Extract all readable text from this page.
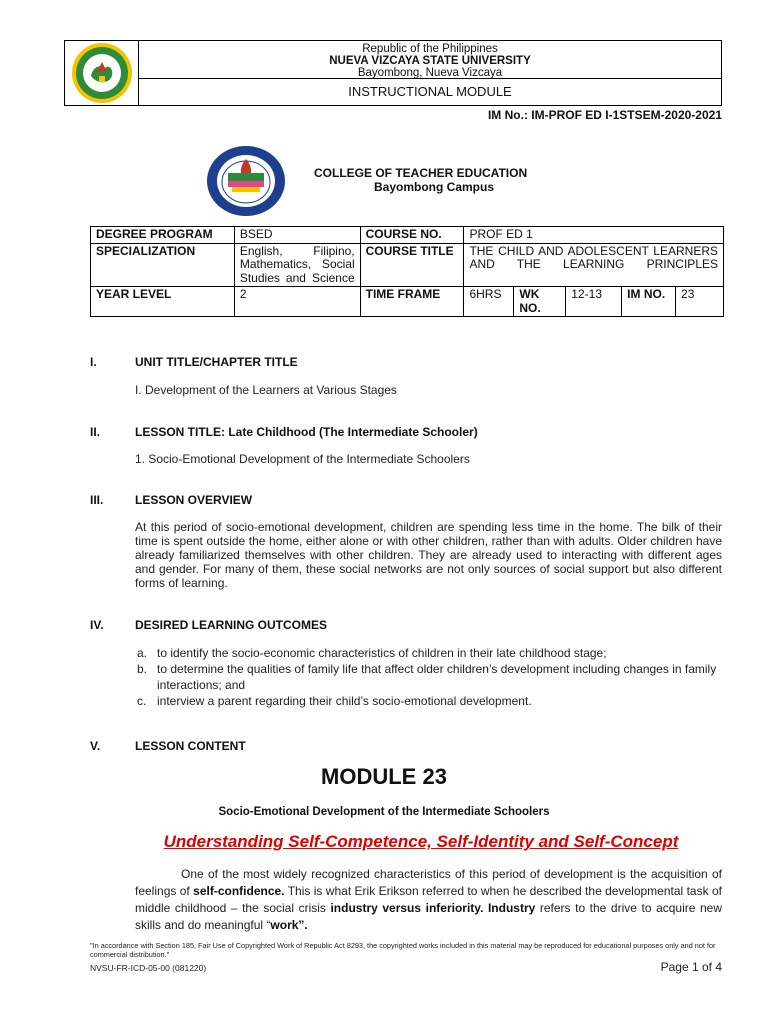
Republic of the Philippines
NUEVA VIZCAYA STATE UNIVERSITY
Bayombong, Nueva Vizcaya
INSTRUCTIONAL MODULE
IM No.: IM-PROF ED I-1STSEM-2020-2021
COLLEGE OF TEACHER EDUCATION
Bayombong Campus
DEGREE PROGRAM	BSED	COURSE NO.	PROF ED 1				
SPECIALIZATION	English, Filipino, Mathematics, Social Studies and Science	COURSE TITLE	THE CHILD AND ADOLESCENT LEARNERS AND THE LEARNING PRINCIPLES				
YEAR LEVEL	2	TIME FRAME	6HRS	WK NO.	12-13	IM NO.	23
I.	UNIT TITLE/CHAPTER TITLE
I. Development of the Learners at Various Stages
II.	LESSON TITLE: Late Childhood (The Intermediate Schooler)
1. Socio-Emotional Development of the Intermediate Schoolers
III.	LESSON OVERVIEW
At this period of socio-emotional development, children are spending less time in the home. The bilk of their time is spent outside the home, either alone or with other children, rather than with adults. Older children have already familiarized themselves with other children. They are already used to interacting with different ages and gender. For many of them, these social networks are not only sources of social support but also different forms of learning.
IV.	DESIRED LEARNING OUTCOMES
a. to identify the socio-economic characteristics of children in their late childhood stage;
b. to determine the qualities of family life that affect older children’s development including changes in family interactions; and
c. interview a parent regarding their child’s socio-emotional development.
V.	LESSON CONTENT
MODULE 23
Socio-Emotional Development of the Intermediate Schoolers
Understanding Self-Competence, Self-Identity and Self-Concept
One of the most widely recognized characteristics of this period of development is the acquisition of feelings of self-confidence. This is what Erik Erikson referred to when he described the developmental task of middle childhood – the social crisis industry versus inferiority. Industry refers to the drive to acquire new skills and do meaningful “work”.
"In accordance with Section 185, Fair Use of Copyrighted Work of Republic Act 8293, the copyrighted works included in this material may be reproduced for educational purposes only and not for commercial distribution."
NVSU-FR-ICD-05-00 (081220)	Page 1 of 4
